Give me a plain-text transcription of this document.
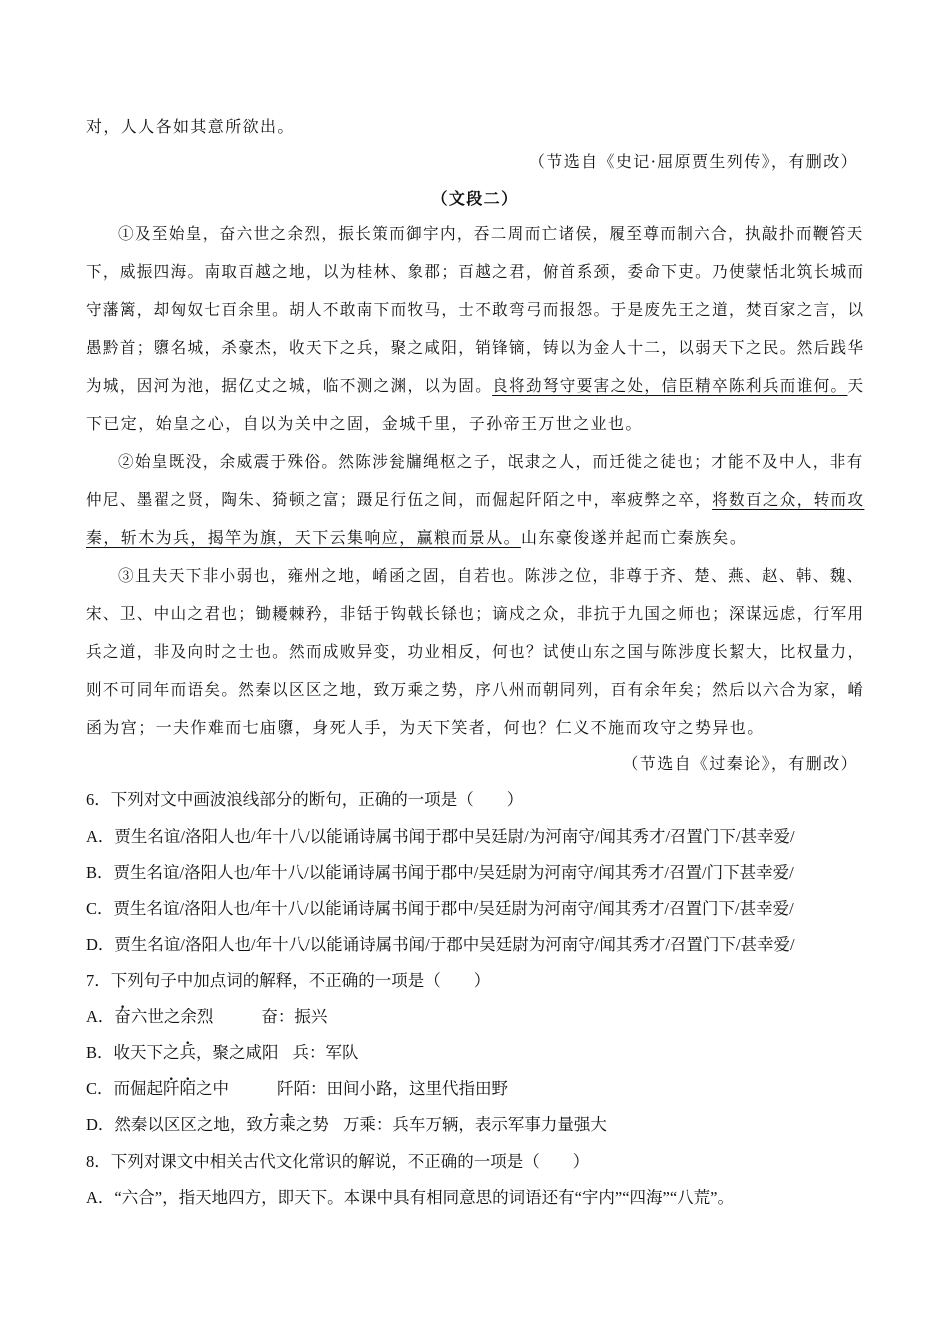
对，人人各如其意所欲出。
（节选自《史记·屈原贾生列传》，有删改）
（文段二）
①及至始皇，奋六世之余烈，振长策而御宇内，吞二周而亡诸侯，履至尊而制六合，执敲扑而鞭笞天
下，威振四海。南取百越之地，以为桂林、象郡；百越之君，俯首系颈，委命下吏。乃使蒙恬北筑长城而
守藩篱，却匈奴七百余里。胡人不敢南下而牧马，士不敢弯弓而报怨。于是废先王之道，焚百家之言，以
愚黔首；隳名城，杀豪杰，收天下之兵，聚之咸阳，销锋镝，铸以为金人十二，以弱天下之民。然后践华
为城，因河为池，据亿丈之城，临不测之渊，以为固。良将劲弩守要害之处，信臣精卒陈利兵而谁何。天
下已定，始皇之心，自以为关中之固，金城千里，子孙帝王万世之业也。
②始皇既没，余威震于殊俗。然陈涉瓮牖绳枢之子，氓隶之人，而迁徙之徒也；才能不及中人，非有
仲尼、墨翟之贤，陶朱、猗顿之富；蹑足行伍之间，而倔起阡陌之中，率疲弊之卒，将数百之众，转而攻
秦，斩木为兵，揭竿为旗，天下云集响应，赢粮而景从。山东豪俊遂并起而亡秦族矣。
③且夫天下非小弱也，雍州之地，崤函之固，自若也。陈涉之位，非尊于齐、楚、燕、赵、韩、魏、
宋、卫、中山之君也；锄耰棘矜，非铦于钩戟长铩也；谪戍之众，非抗于九国之师也；深谋远虑，行军用
兵之道，非及向时之士也。然而成败异变，功业相反，何也？试使山东之国与陈涉度长絜大，比权量力，
则不可同年而语矣。然秦以区区之地，致万乘之势，序八州而朝同列，百有余年矣；然后以六合为家，崤
函为宫；一夫作难而七庙隳，身死人手，为天下笑者，何也？仁义不施而攻守之势异也。
（节选自《过秦论》，有删改）
6．下列对文中画波浪线部分的断句，正确的一项是（　　）
A．贾生名谊/洛阳人也/年十八/以能诵诗属书闻于郡中吴廷尉/为河南守/闻其秀才/召置门下/甚幸爱/
B．贾生名谊/洛阳人也/年十八/以能诵诗属书闻于郡中/吴廷尉为河南守/闻其秀才/召置/门下甚幸爱/
C．贾生名谊/洛阳人也/年十八/以能诵诗属书闻于郡中/吴廷尉为河南守/闻其秀才/召置门下/甚幸爱/
D．贾生名谊/洛阳人也/年十八/以能诵诗属书闻/于郡中吴廷尉为河南守/闻其秀才/召置门下/甚幸爱/
7．下列句子中加点词的解释，不正确的一项是（　　）
A．奋六世之余烈	奋：振兴
B．收天下之兵，聚之咸阳 兵：军队
C．而倔起阡陌之中	阡陌：田间小路，这里代指田野
D．然秦以区区之地，致万乘之势 万乘：兵车万辆，表示军事力量强大
8．下列对课文中相关古代文化常识的解说，不正确的一项是（　　）
A．“六合”，指天地四方，即天下。本课中具有相同意思的词语还有“宇内”“四海”“八荒”。
